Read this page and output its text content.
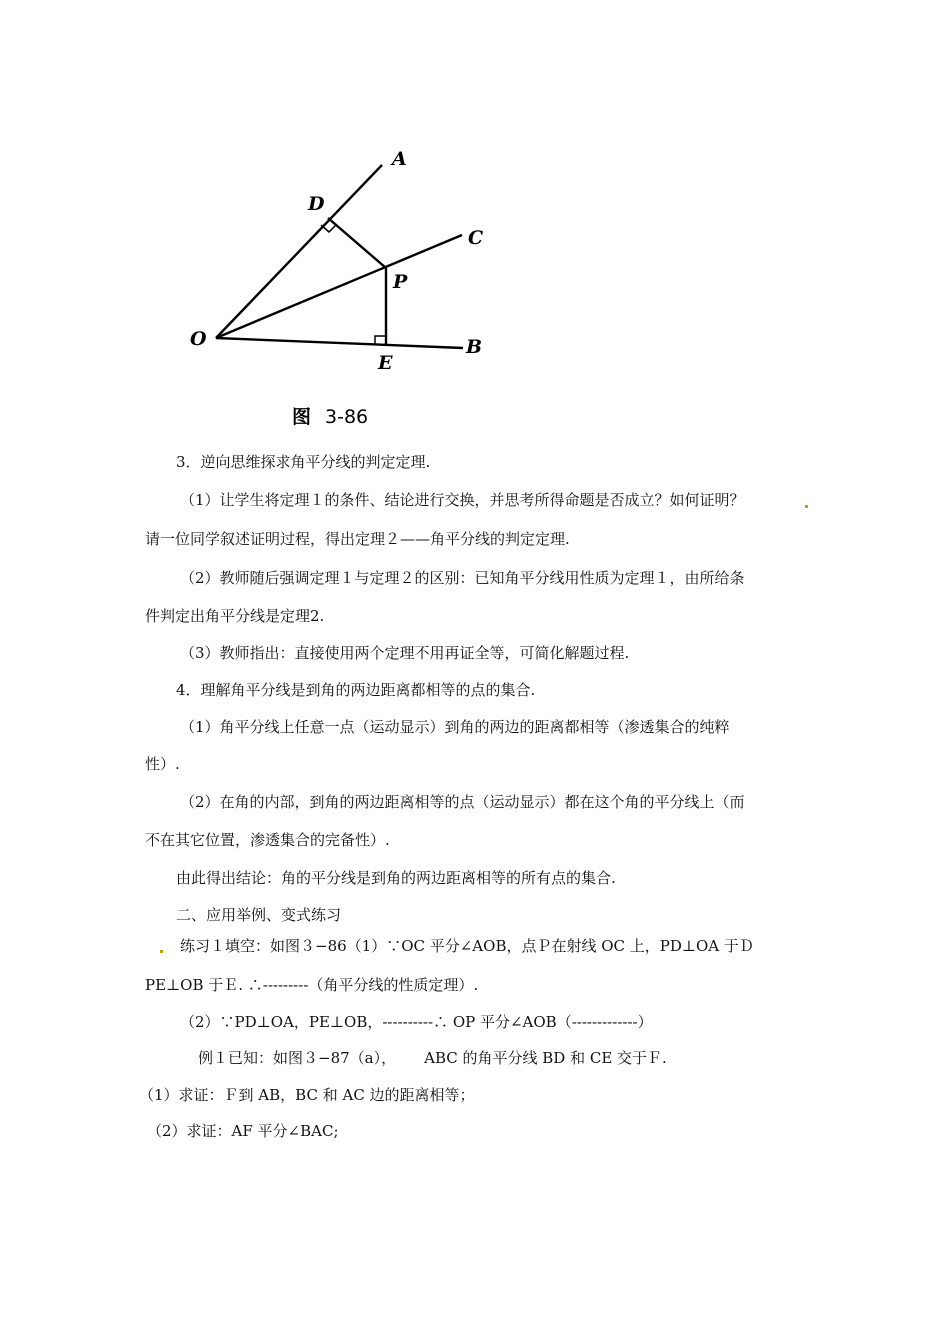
A
D
C
P
O
E
B
图 3-86
3．逆向思维探求角平分线的判定定理.
（1）让学生将定理１的条件、结论进行交换，并思考所得命题是否成立？如何证明？
请一位同学叙述证明过程，得出定理２——角平分线的判定定理.
（2）教师随后强调定理１与定理２的区别：已知角平分线用性质为定理１，由所给条
件判定出角平分线是定理2.
（3）教师指出：直接使用两个定理不用再证全等，可简化解题过程.
4．理解角平分线是到角的两边距离都相等的点的集合.
（1）角平分线上任意一点（运动显示）到角的两边的距离都相等（渗透集合的纯粹
性）.
（2）在角的内部，到角的两边距离相等的点（运动显示）都在这个角的平分线上（而
不在其它位置，渗透集合的完备性）.
由此得出结论：角的平分线是到角的两边距离相等的所有点的集合.
二、应用举例、变式练习
练习１填空：如图３−86（1）∵OC 平分∠AOB，点Ｐ在射线 OC 上，PD⊥OA 于Ｄ
PE⊥OB 于Ｅ. ∴---------（角平分线的性质定理）.
（2）∵PD⊥OA，PE⊥OB，----------∴ OP 平分∠AOB（-------------）
例１已知：如图３−87（a）， ABC 的角平分线 BD 和 CE 交于Ｆ.
（1）求证：Ｆ到 AB，BC 和 AC 边的距离相等；
（2）求证：AF 平分∠BAC;
